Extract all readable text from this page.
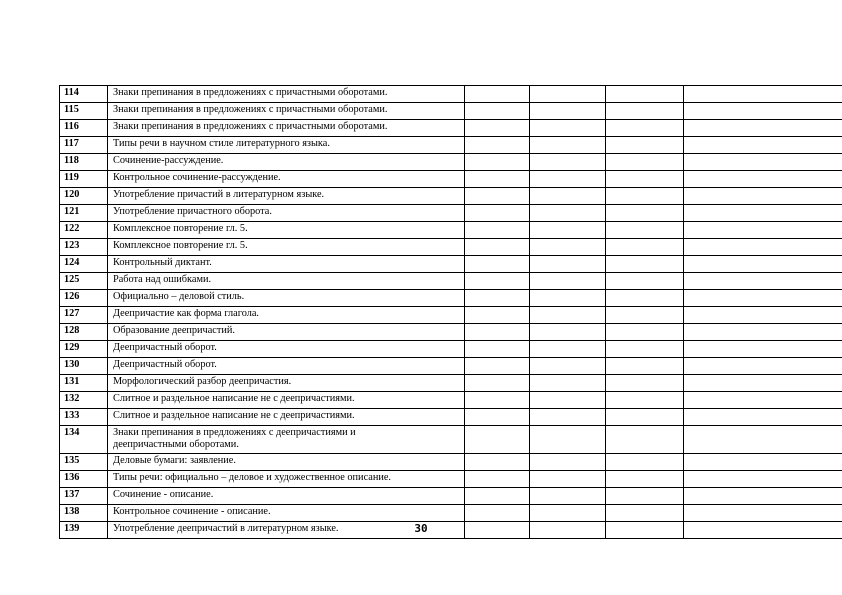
114	Знаки препинания в предложениях с причастными оборотами.				

115	Знаки препинания в предложениях с причастными оборотами.				

116	Знаки препинания в предложениях с причастными оборотами.				

117	Типы речи в научном стиле литературного языка.				

118	Сочинение-рассуждение.				

119	Контрольное сочинение-рассуждение.				

120	Употребление причастий в литературном языке.				

121	Употребление причастного оборота.				

122	Комплексное повторение гл. 5.				

123	Комплексное повторение гл. 5.				

124	Контрольный диктант.				

125	Работа над ошибками.				

126	Официально – деловой стиль.				

127	Деепричастие как форма глагола.				

128	Образование деепричастий.				

129	Деепричастный оборот.				

130	Деепричастный оборот.				

131	Морфологический разбор деепричастия.				

132	Слитное и раздельное написание не с деепричастиями.				

133	Слитное и раздельное написание не с деепричастиями.				

134	Знаки препинания в предложениях с деепричастиями и
деепричастными оборотами.				

135	Деловые бумаги: заявление.				

136	Типы речи: официально – деловое и художественное описание.				

137	Сочинение - описание.				

138	Контрольное сочинение - описание.				

139	Употребление деепричастий в литературном языке.				
					30
